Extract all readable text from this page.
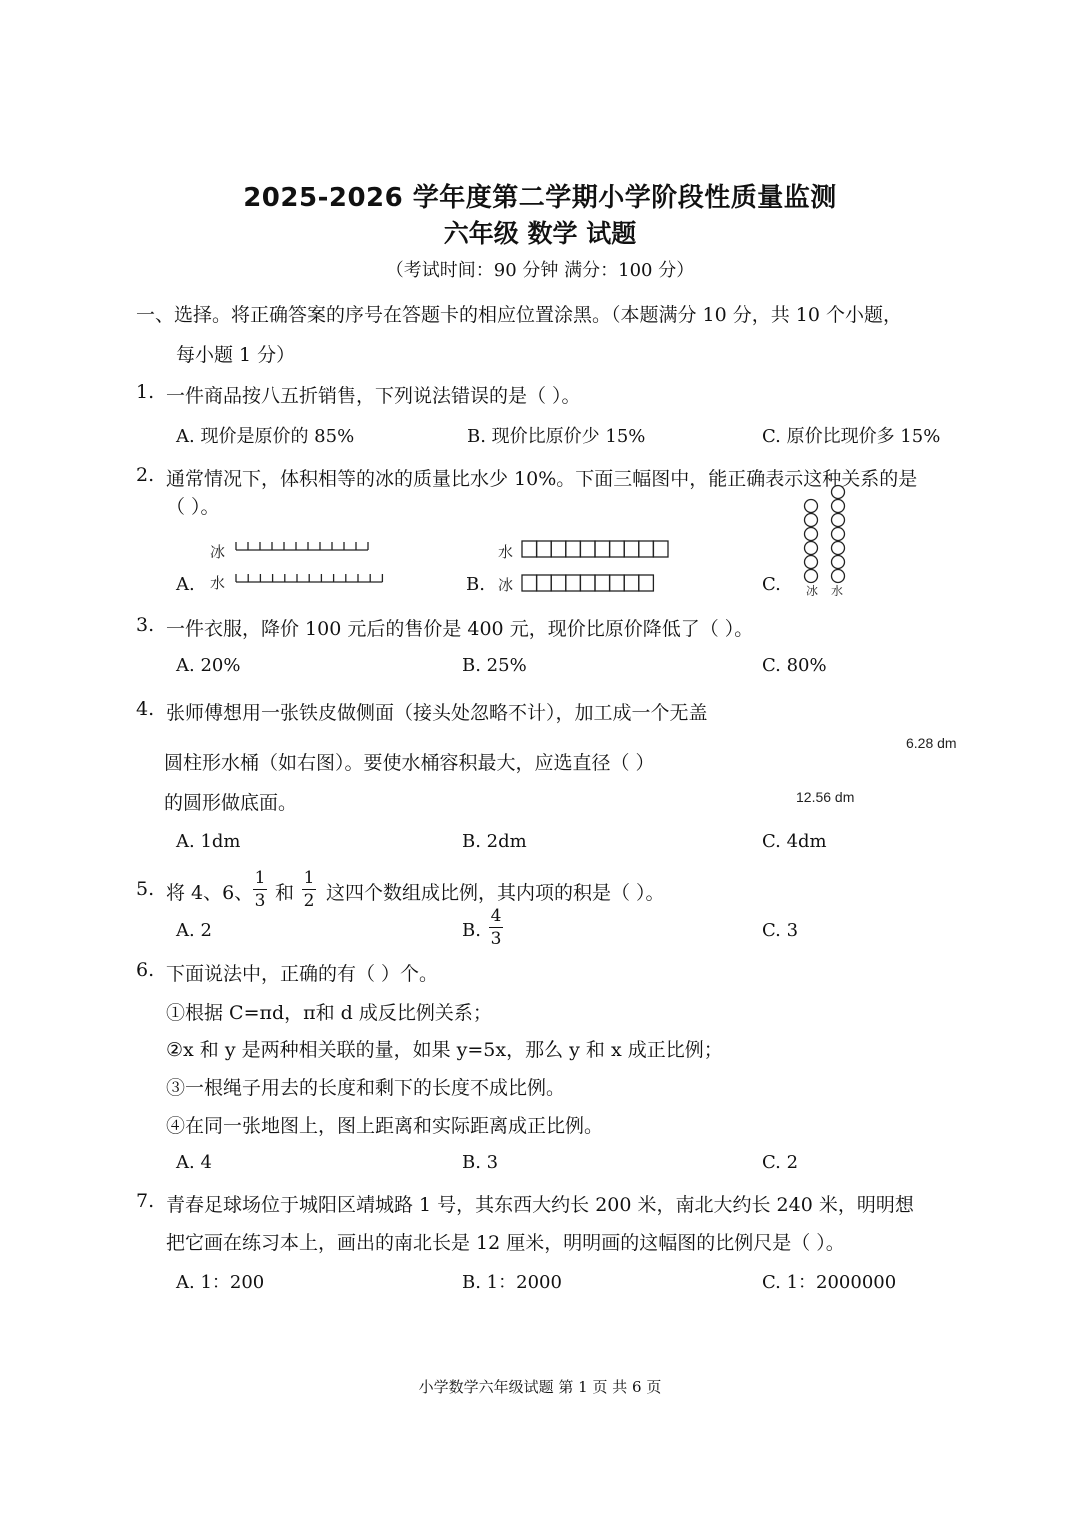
2025-2026 学年度第二学期小学阶段性质量监测
六年级 数学 试题
（考试时间：90 分钟 满分：100 分）
一、选择。将正确答案的序号在答题卡的相应位置涂黑。（本题满分 10 分，共 10 个小题，
每小题 1 分）
1. 一件商品按八五折销售，下列说法错误的是（ ）。
A. 现价是原价的 85%	B. 现价比原价少 15%	C. 原价比现价多 15%
2. 通常情况下，体积相等的冰的质量比水少 10%。下面三幅图中，能正确表示这种关系的是
（ ）。
A.
冰
水	B.
水
冰	C. 冰 水
3. 一件衣服，降价 100 元后的售价是 400 元，现价比原价降低了（ ）。
A. 20%	B. 25%	C. 80%
4. 张师傅想用一张铁皮做侧面（接头处忽略不计），加工成一个无盖
圆柱形水桶（如右图）。要使水桶容积最大，应选直径（ ）
的圆形做底面。
6.28 dm
12.56 dm
A. 1dm	B. 2dm	C. 4dm
5. 将 4、6、
1
3 和
1
2 这四个数组成比例，其内项的积是（ ）。
A. 2	B.
4
3	C. 3
6. 下面说法中，正确的有（ ）个。
①根据 C=πd，π和 d 成反比例关系；
②x 和 y 是两种相关联的量，如果 y=5x，那么 y 和 x 成正比例；
③一根绳子用去的长度和剩下的长度不成比例。
④在同一张地图上，图上距离和实际距离成正比例。
A. 4	B. 3	C. 2
7. 青春足球场位于城阳区靖城路 1 号，其东西大约长 200 米，南北大约长 240 米，明明想
把它画在练习本上，画出的南北长是 12 厘米，明明画的这幅图的比例尺是（ ）。
A. 1：200	B. 1：2000	C. 1：2000000
小学数学六年级试题 第 1 页 共 6 页
